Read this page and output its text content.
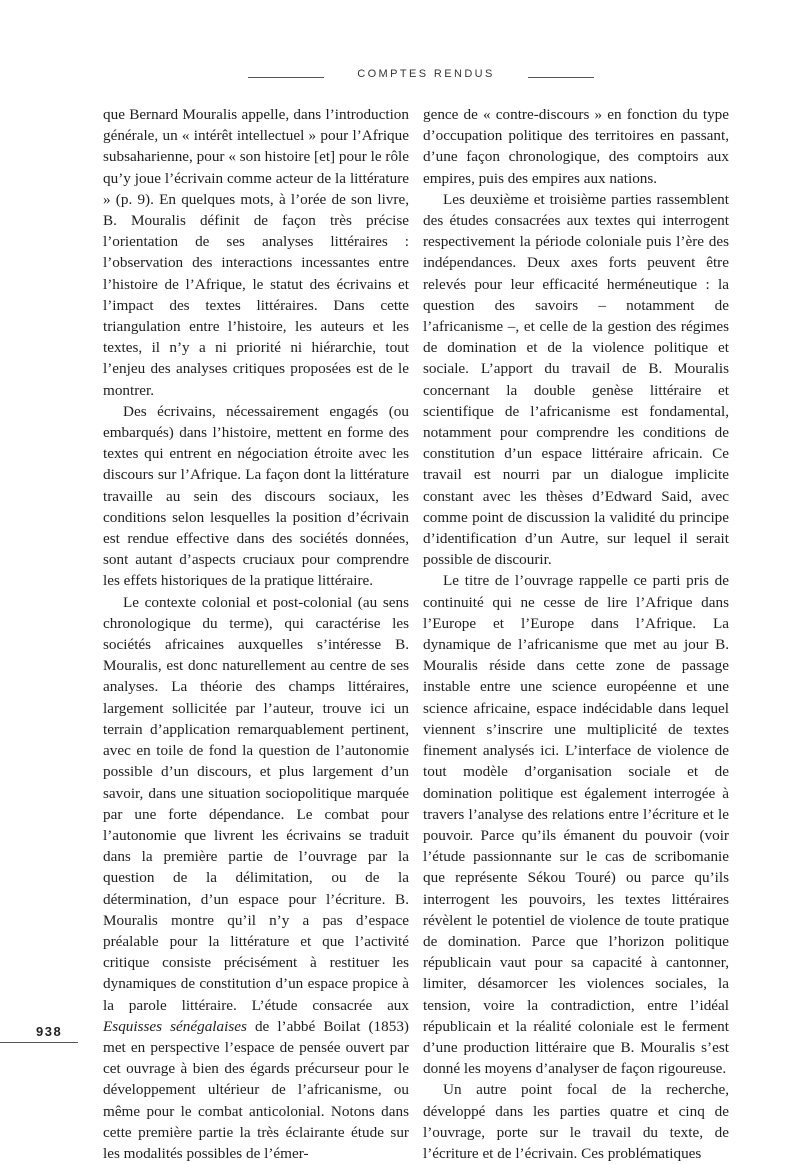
COMPTES RENDUS

que Bernard Mouralis appelle, dans l’introduction générale, un « intérêt intellectuel » pour l’Afrique subsaharienne, pour « son histoire [et] pour le rôle qu’y joue l’écrivain comme acteur de la littérature » (p. 9). En quelques mots, à l’orée de son livre, B. Mouralis définit de façon très précise l’orientation de ses analyses littéraires : l’observation des interactions incessantes entre l’histoire de l’Afrique, le statut des écrivains et l’impact des textes littéraires. Dans cette triangulation entre l’histoire, les auteurs et les textes, il n’y a ni priorité ni hiérarchie, tout l’enjeu des analyses critiques proposées est de le montrer.

Des écrivains, nécessairement engagés (ou embarqués) dans l’histoire, mettent en forme des textes qui entrent en négociation étroite avec les discours sur l’Afrique. La façon dont la littérature travaille au sein des discours sociaux, les conditions selon lesquelles la position d’écrivain est rendue effective dans des sociétés données, sont autant d’aspects cruciaux pour comprendre les effets historiques de la pratique littéraire.

Le contexte colonial et post-colonial (au sens chronologique du terme), qui caractérise les sociétés africaines auxquelles s’intéresse B. Mouralis, est donc naturellement au centre de ses analyses. La théorie des champs littéraires, largement sollicitée par l’auteur, trouve ici un terrain d’application remarquablement pertinent, avec en toile de fond la question de l’autonomie possible d’un discours, et plus largement d’un savoir, dans une situation sociopolitique marquée par une forte dépendance. Le combat pour l’autonomie que livrent les écrivains se traduit dans la première partie de l’ouvrage par la question de la délimitation, ou de la détermination, d’un espace pour l’écriture. B. Mouralis montre qu’il n’y a pas d’espace préalable pour la littérature et que l’activité critique consiste précisément à restituer les dynamiques de constitution d’un espace propice à la parole littéraire. L’étude consacrée aux Esquisses sénégalaises de l’abbé Boilat (1853) met en perspective l’espace de pensée ouvert par cet ouvrage à bien des égards précurseur pour le développement ultérieur de l’africanisme, ou même pour le combat anticolonial. Notons dans cette première partie la très éclairante étude sur les modalités possibles de l’émer-

gence de « contre-discours » en fonction du type d’occupation politique des territoires en passant, d’une façon chronologique, des comptoirs aux empires, puis des empires aux nations.

Les deuxième et troisième parties rassemblent des études consacrées aux textes qui interrogent respectivement la période coloniale puis l’ère des indépendances. Deux axes forts peuvent être relevés pour leur efficacité herméneutique : la question des savoirs – notamment de l’africanisme –, et celle de la gestion des régimes de domination et de la violence politique et sociale. L’apport du travail de B. Mouralis concernant la double genèse littéraire et scientifique de l’africanisme est fondamental, notamment pour comprendre les conditions de constitution d’un espace littéraire africain. Ce travail est nourri par un dialogue implicite constant avec les thèses d’Edward Said, avec comme point de discussion la validité du principe d’identification d’un Autre, sur lequel il serait possible de discourir.

Le titre de l’ouvrage rappelle ce parti pris de continuité qui ne cesse de lire l’Afrique dans l’Europe et l’Europe dans l’Afrique. La dynamique de l’africanisme que met au jour B. Mouralis réside dans cette zone de passage instable entre une science européenne et une science africaine, espace indécidable dans lequel viennent s’inscrire une multiplicité de textes finement analysés ici. L’interface de violence de tout modèle d’organisation sociale et de domination politique est également interrogée à travers l’analyse des relations entre l’écriture et le pouvoir. Parce qu’ils émanent du pouvoir (voir l’étude passionnante sur le cas de scribomanie que représente Sékou Touré) ou parce qu’ils interrogent les pouvoirs, les textes littéraires révèlent le potentiel de violence de toute pratique de domination. Parce que l’horizon politique républicain vaut pour sa capacité à cantonner, limiter, désamorcer les violences sociales, la tension, voire la contradiction, entre l’idéal républicain et la réalité coloniale est le ferment d’une production littéraire que B. Mouralis s’est donné les moyens d’analyser de façon rigoureuse.

Un autre point focal de la recherche, développé dans les parties quatre et cinq de l’ouvrage, porte sur le travail du texte, de l’écriture et de l’écrivain. Ces problématiques

938
